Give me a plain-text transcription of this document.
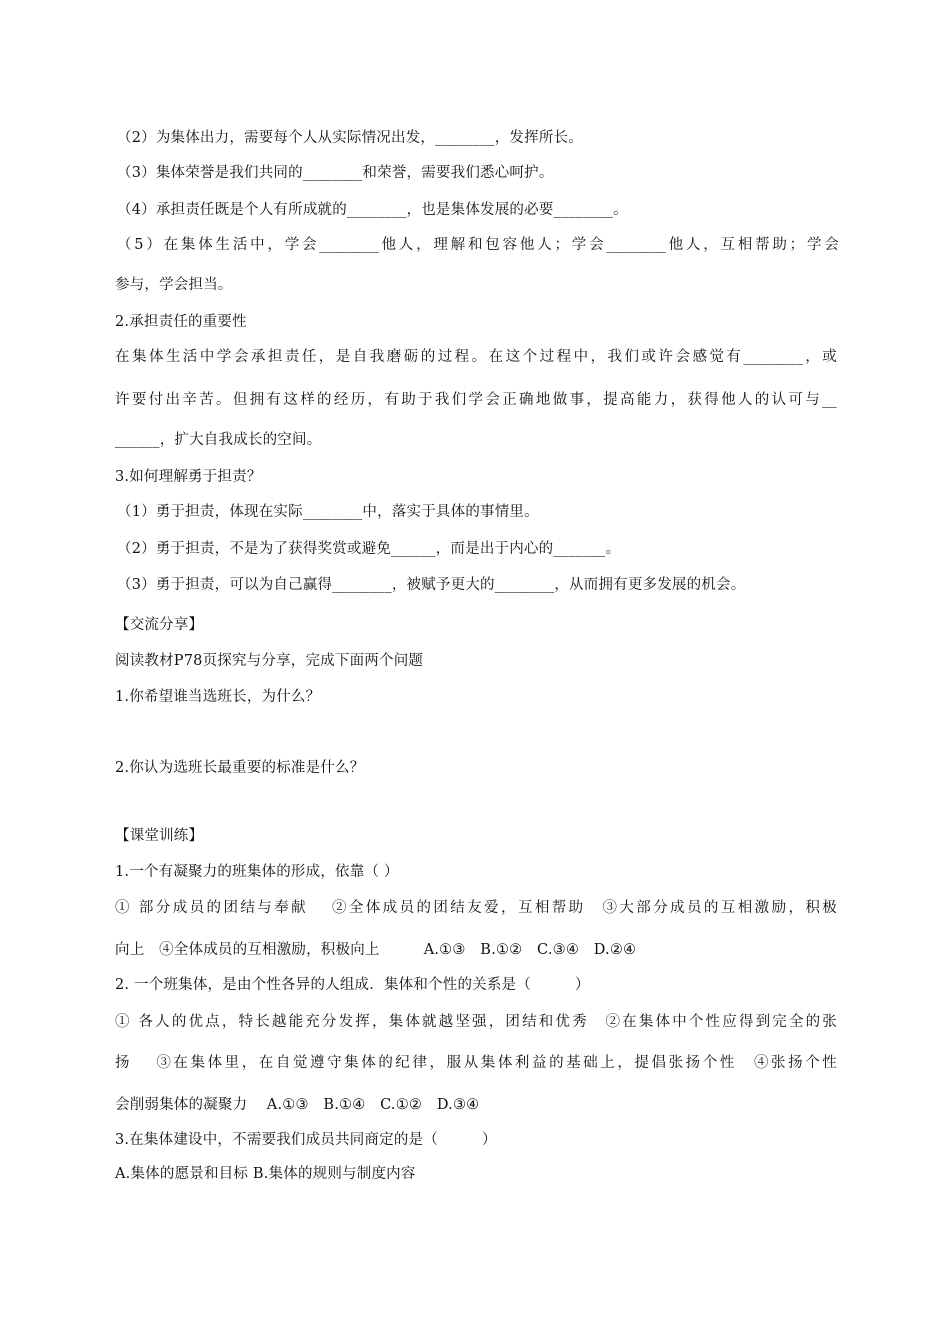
（2）为集体出力，需要每个人从实际情况出发，________，发挥所长。
（3）集体荣誉是我们共同的________和荣誉，需要我们悉心呵护。
（4）承担责任既是个人有所成就的________，也是集体发展的必要________。
（5）在集体生活中，学会________他人，理解和包容他人；学会________他人，互相帮助；学会
参与，学会担当。
2.承担责任的重要性
在集体生活中学会承担责任，是自我磨砺的过程。在这个过程中，我们或许会感觉有________，或
许要付出辛苦。但拥有这样的经历，有助于我们学会正确地做事，提高能力，获得他人的认可与__
______，扩大自我成长的空间。
3.如何理解勇于担责？
（1）勇于担责，体现在实际________中，落实于具体的事情里。
（2）勇于担责，不是为了获得奖赏或避免______，而是出于内心的_______。
（3）勇于担责，可以为自己赢得________，被赋予更大的________，从而拥有更多发展的机会。
【交流分享】
阅读教材P78页探究与分享，完成下面两个问题
1.你希望谁当选班长，为什么？
2.你认为选班长最重要的标准是什么？
【课堂训练】
1.一个有凝聚力的班集体的形成，依靠（ ）
① 部分成员的团结与奉献　 ②全体成员的团结友爱，互相帮助　③大部分成员的互相激励，积极
向上　④全体成员的互相激励，积极向上　　　A.①③　B.①②　C.③④　D.②④
2. 一个班集体，是由个性各异的人组成．集体和个性的关系是（　　　）
① 各人的优点，特长越能充分发挥，集体就越坚强，团结和优秀　②在集体中个性应得到完全的张
扬　 ③在集体里，在自觉遵守集体的纪律，服从集体利益的基础上，提倡张扬个性　④张扬个性
会削弱集体的凝聚力　 A.①③　B.①④　C.①②　D.③④
3.在集体建设中，不需要我们成员共同商定的是（　　　）
A.集体的愿景和目标 B.集体的规则与制度内容
